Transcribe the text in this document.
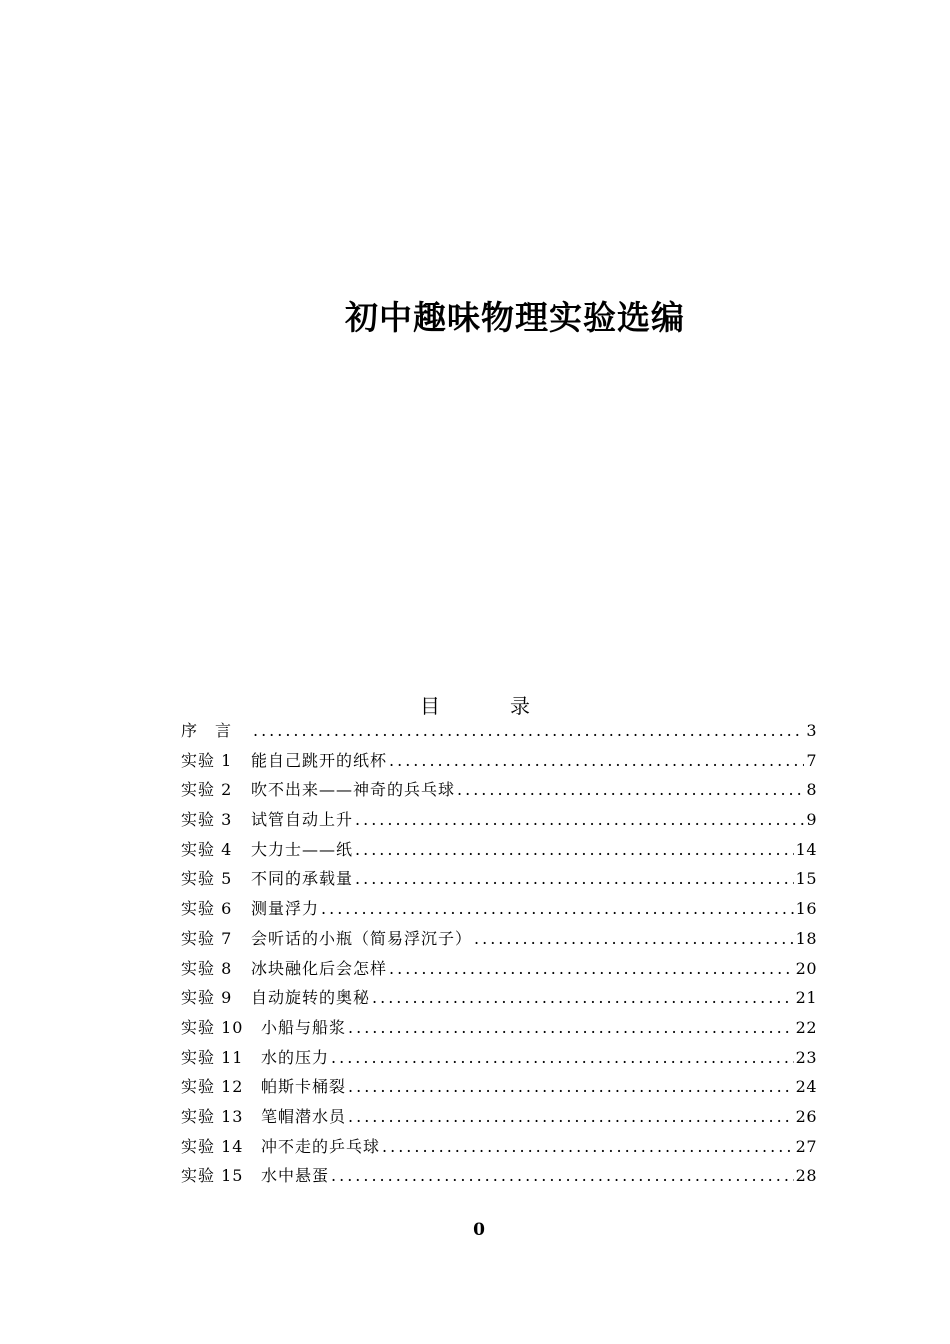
初中趣味物理实验选编
目	录
序　言 .....	3
实验 1 能自己跳开的纸杯 .....	7
实验 2 吹不出来——神奇的兵乓球 .....	8
实验 3 试管自动上升 .....	9
实验 4 大力士——纸 .....	14
实验 5 不同的承载量 .....	15
实验 6 测量浮力 .....	16
实验 7 会听话的小瓶（简易浮沉子） .....	18
实验 8 冰块融化后会怎样 .....	20
实验 9 自动旋转的奥秘 .....	21
实验 10 小船与船浆 .....	22
实验 11 水的压力 .....	23
实验 12 帕斯卡桶裂 .....	24
实验 13 笔帽潜水员 .....	26
实验 14 冲不走的乒乓球 .....	27
实验 15 水中悬蛋 .....	28
0
